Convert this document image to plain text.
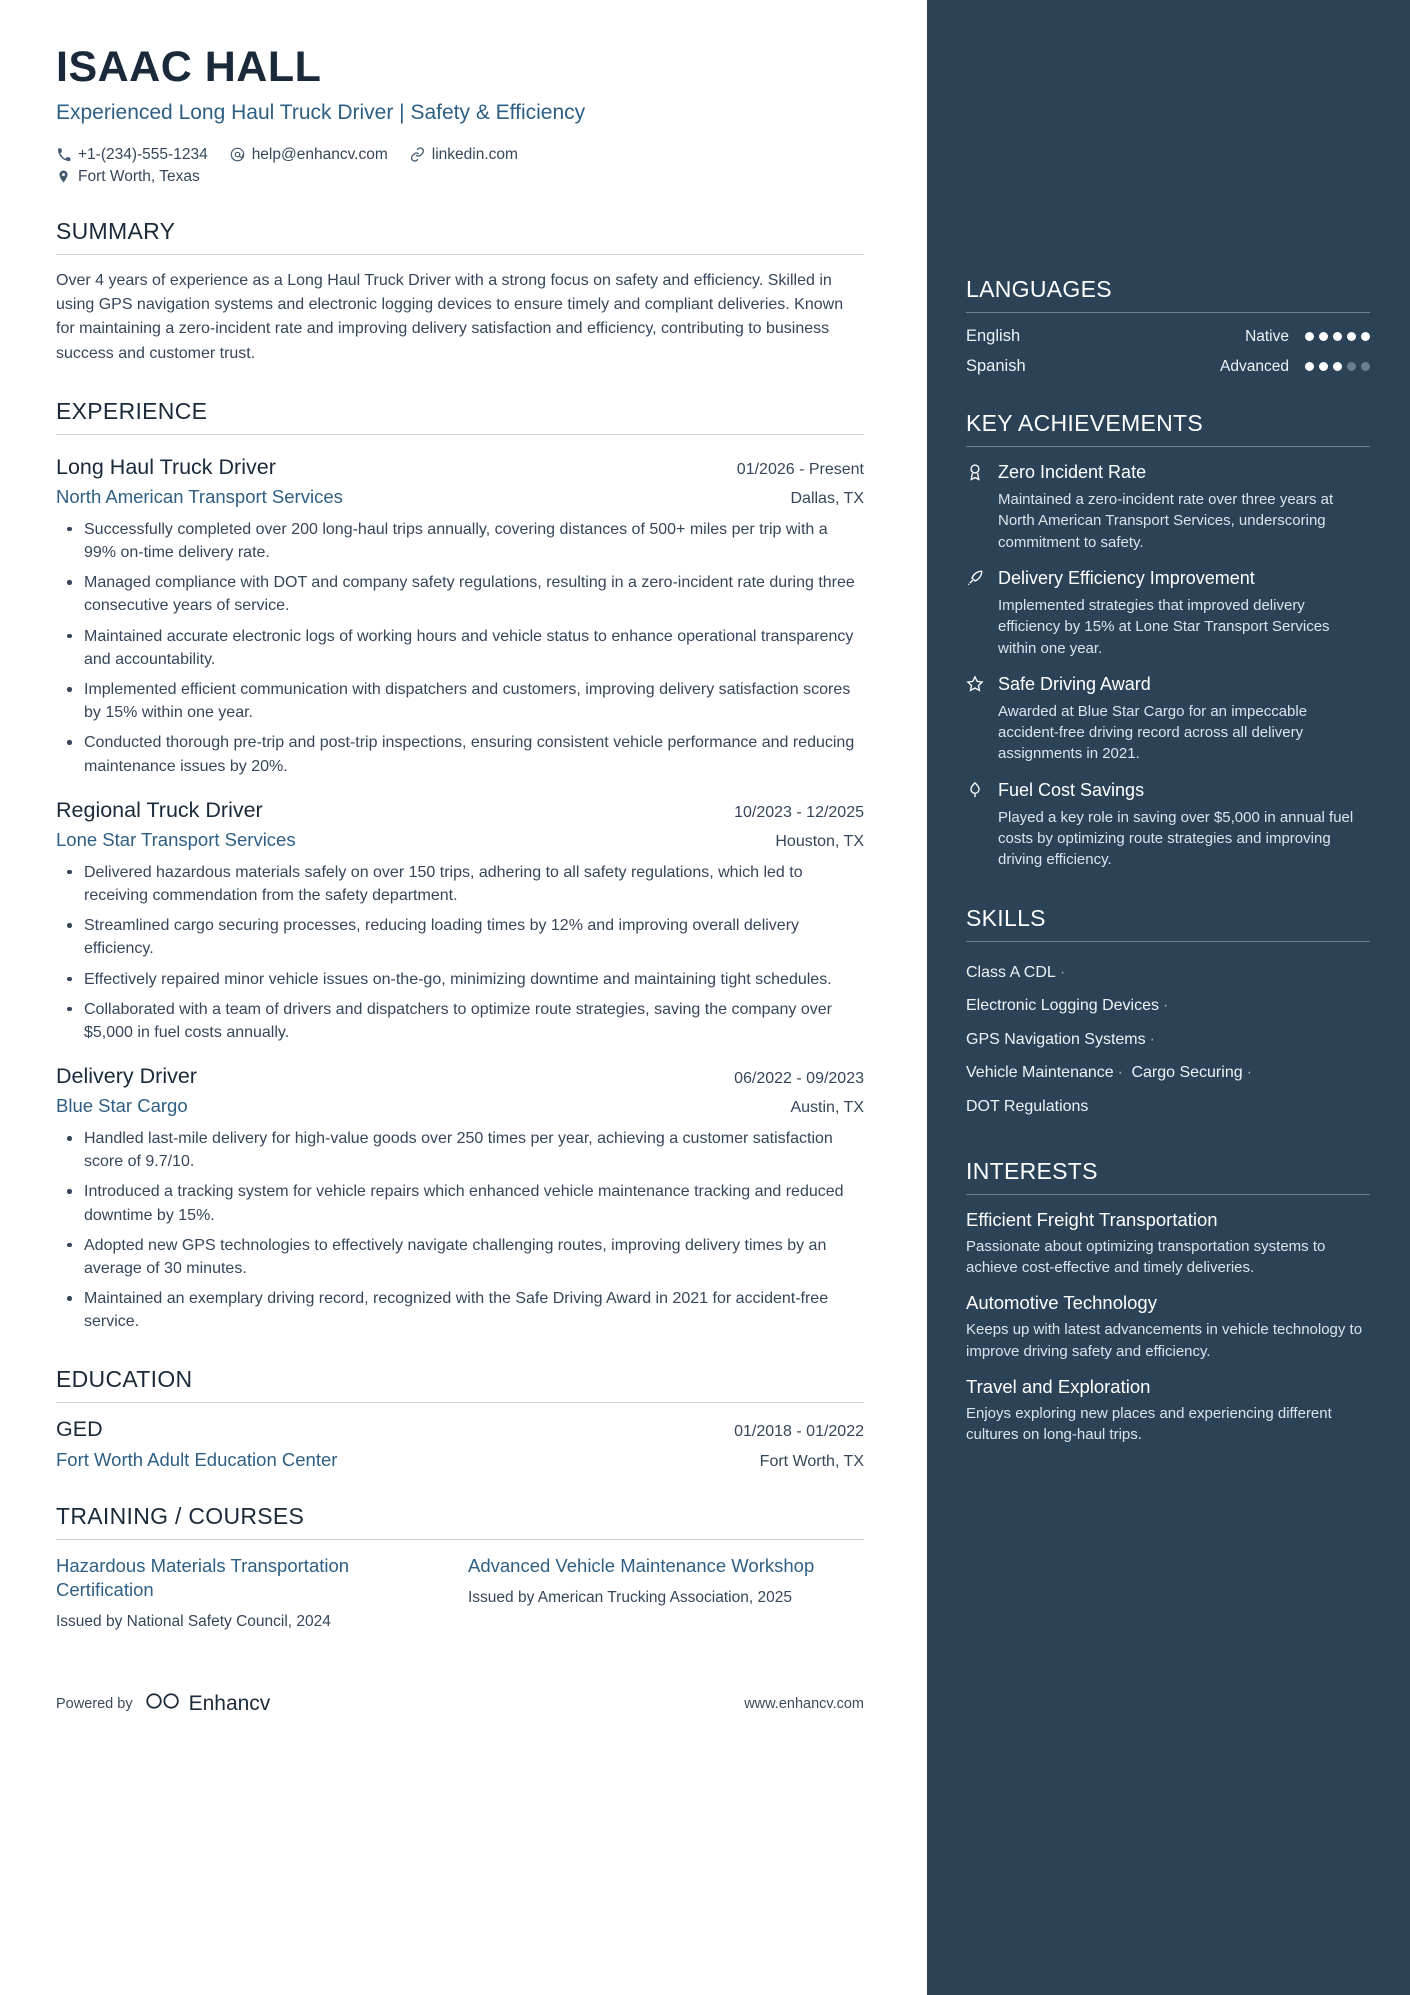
ISAAC HALL
Experienced Long Haul Truck Driver | Safety & Efficiency
+1-(234)-555-1234	help@enhancv.com	linkedin.com
Fort Worth, Texas
SUMMARY
Over 4 years of experience as a Long Haul Truck Driver with a strong focus on safety and efficiency. Skilled in using GPS navigation systems and electronic logging devices to ensure timely and compliant deliveries. Known for maintaining a zero-incident rate and improving delivery satisfaction and efficiency, contributing to business success and customer trust.
EXPERIENCE
Long Haul Truck Driver	01/2026 - Present
North American Transport Services	Dallas, TX
Successfully completed over 200 long-haul trips annually, covering distances of 500+ miles per trip with a 99% on-time delivery rate.
Managed compliance with DOT and company safety regulations, resulting in a zero-incident rate during three consecutive years of service.
Maintained accurate electronic logs of working hours and vehicle status to enhance operational transparency and accountability.
Implemented efficient communication with dispatchers and customers, improving delivery satisfaction scores by 15% within one year.
Conducted thorough pre-trip and post-trip inspections, ensuring consistent vehicle performance and reducing maintenance issues by 20%.
Regional Truck Driver	10/2023 - 12/2025
Lone Star Transport Services	Houston, TX
Delivered hazardous materials safely on over 150 trips, adhering to all safety regulations, which led to receiving commendation from the safety department.
Streamlined cargo securing processes, reducing loading times by 12% and improving overall delivery efficiency.
Effectively repaired minor vehicle issues on-the-go, minimizing downtime and maintaining tight schedules.
Collaborated with a team of drivers and dispatchers to optimize route strategies, saving the company over $5,000 in fuel costs annually.
Delivery Driver	06/2022 - 09/2023
Blue Star Cargo	Austin, TX
Handled last-mile delivery for high-value goods over 250 times per year, achieving a customer satisfaction score of 9.7/10.
Introduced a tracking system for vehicle repairs which enhanced vehicle maintenance tracking and reduced downtime by 15%.
Adopted new GPS technologies to effectively navigate challenging routes, improving delivery times by an average of 30 minutes.
Maintained an exemplary driving record, recognized with the Safe Driving Award in 2021 for accident-free service.
EDUCATION
GED	01/2018 - 01/2022
Fort Worth Adult Education Center	Fort Worth, TX
TRAINING / COURSES
Hazardous Materials Transportation Certification
Issued by National Safety Council, 2024
Advanced Vehicle Maintenance Workshop
Issued by American Trucking Association, 2025
Powered by	Enhancv	www.enhancv.com
LANGUAGES
English	Native
Spanish	Advanced
KEY ACHIEVEMENTS
Zero Incident Rate
Maintained a zero-incident rate over three years at North American Transport Services, underscoring commitment to safety.
Delivery Efficiency Improvement
Implemented strategies that improved delivery efficiency by 15% at Lone Star Transport Services within one year.
Safe Driving Award
Awarded at Blue Star Cargo for an impeccable accident-free driving record across all delivery assignments in 2021.
Fuel Cost Savings
Played a key role in saving over $5,000 in annual fuel costs by optimizing route strategies and improving driving efficiency.
SKILLS
Class A CDL ·
Electronic Logging Devices ·
GPS Navigation Systems ·
Vehicle Maintenance · Cargo Securing ·
DOT Regulations
INTERESTS
Efficient Freight Transportation
Passionate about optimizing transportation systems to achieve cost-effective and timely deliveries.
Automotive Technology
Keeps up with latest advancements in vehicle technology to improve driving safety and efficiency.
Travel and Exploration
Enjoys exploring new places and experiencing different cultures on long-haul trips.
